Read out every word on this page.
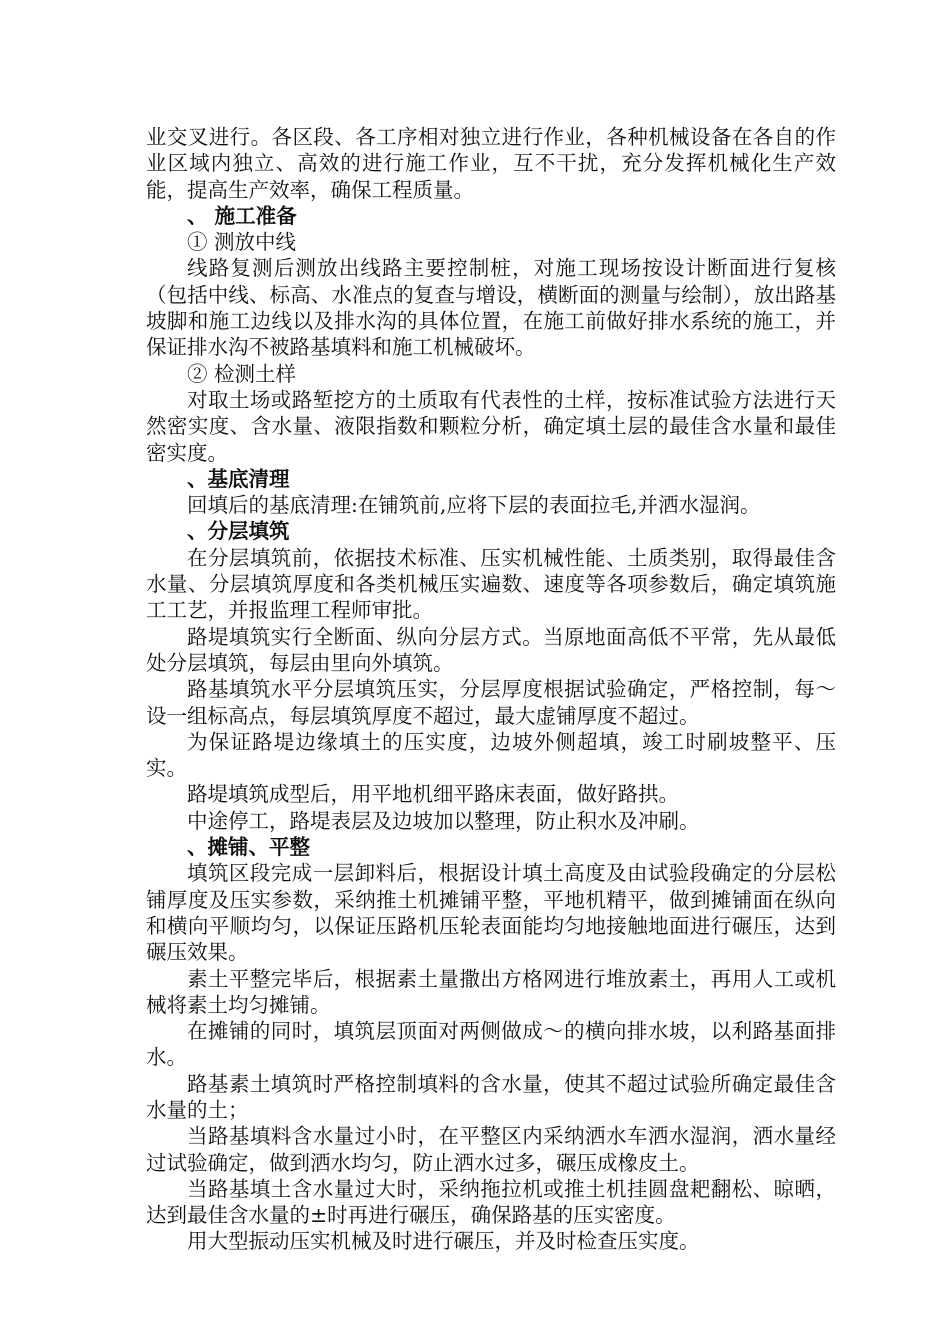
业交叉进行。各区段、各工序相对独立进行作业，各种机械设备在各自的作业区域内独立、高效的进行施工作业，互不干扰，充分发挥机械化生产效能，提高生产效率，确保工程质量。

、 施工准备

① 测放中线

线路复测后测放出线路主要控制桩，对施工现场按设计断面进行复核（包括中线、标高、水准点的复查与增设，横断面的测量与绘制），放出路基坡脚和施工边线以及排水沟的具体位置，在施工前做好排水系统的施工，并保证排水沟不被路基填料和施工机械破坏。

② 检测土样

对取土场或路堑挖方的土质取有代表性的土样，按标准试验方法进行天然密实度、含水量、液限指数和颗粒分析，确定填土层的最佳含水量和最佳密实度。

、基底清理

回填后的基底清理:在铺筑前,应将下层的表面拉毛,并洒水湿润。

、分层填筑

在分层填筑前，依据技术标准、压实机械性能、土质类别，取得最佳含水量、分层填筑厚度和各类机械压实遍数、速度等各项参数后，确定填筑施工工艺，并报监理工程师审批。

路堤填筑实行全断面、纵向分层方式。当原地面高低不平常，先从最低处分层填筑，每层由里向外填筑。

路基填筑水平分层填筑压实，分层厚度根据试验确定，严格控制，每～设一组标高点，每层填筑厚度不超过，最大虚铺厚度不超过。

为保证路堤边缘填土的压实度，边坡外侧超填，竣工时刷坡整平、压实。

路堤填筑成型后，用平地机细平路床表面，做好路拱。

中途停工，路堤表层及边坡加以整理，防止积水及冲刷。

、摊铺、平整

填筑区段完成一层卸料后，根据设计填土高度及由试验段确定的分层松铺厚度及压实参数，采纳推土机摊铺平整，平地机精平，做到摊铺面在纵向和横向平顺均匀，以保证压路机压轮表面能均匀地接触地面进行碾压，达到碾压效果。

素土平整完毕后，根据素土量撒出方格网进行堆放素土，再用人工或机械将素土均匀摊铺。

在摊铺的同时，填筑层顶面对两侧做成～的横向排水坡，以利路基面排水。

路基素土填筑时严格控制填料的含水量，使其不超过试验所确定最佳含水量的土；

当路基填料含水量过小时，在平整区内采纳洒水车洒水湿润，洒水量经过试验确定，做到洒水均匀，防止洒水过多，碾压成橡皮土。

当路基填土含水量过大时，采纳拖拉机或推土机挂圆盘耙翻松、晾晒，达到最佳含水量的±时再进行碾压，确保路基的压实密度。

用大型振动压实机械及时进行碾压，并及时检查压实度。
